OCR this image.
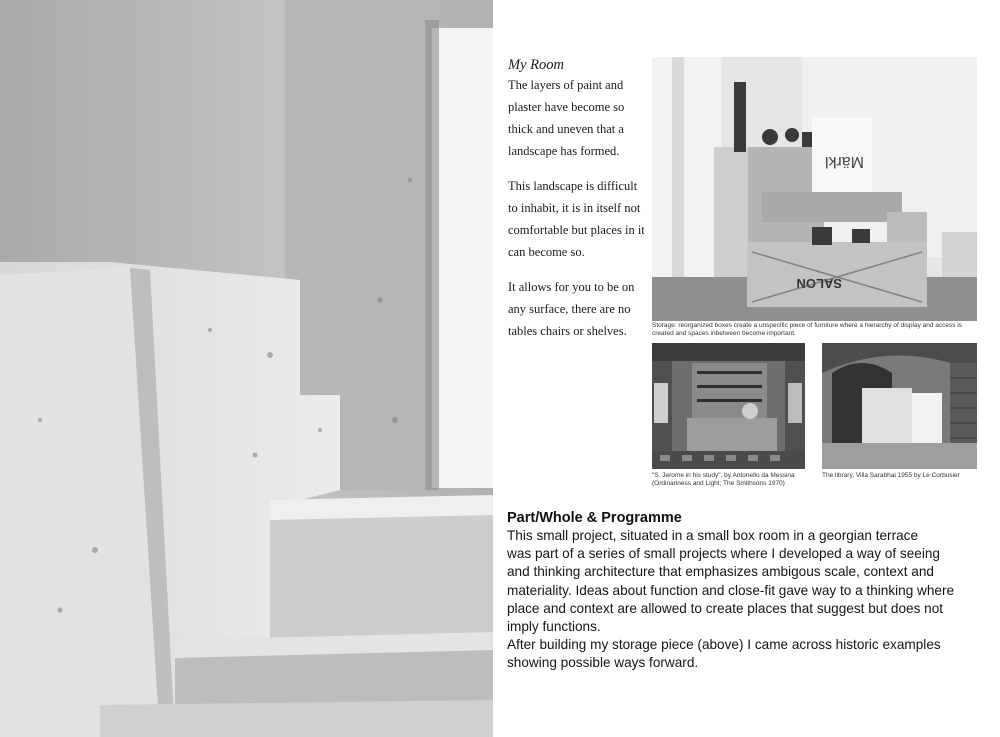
My Room

The layers of paint and plaster have become so thick and uneven that a landscape has formed.

This landscape is difficult to inhabit, it is in itself not comfortable but places in it can become so.

It allows for you to be on any surface, there are no tables chairs or shelves.

Märkl
SALON
Storage: reorganized boxes create a unspecific piece of furniture where a hierarchy of display and access is created and spaces inbetween become important.
"S. Jerome in his study", by Antonello da Messina (Ordinariness and Light; The Smithsons 1970)
The library, Villa Sarabhai 1955 by Le Corbusier
Part/Whole & Programme

This small project, situated in a small box room in a georgian terrace
was part of a series of small projects where I developed a way of seeing
and thinking architecture that emphasizes ambigous scale, context and
materiality. Ideas about function and close-fit gave way to a thinking where
place and context are allowed to create places that suggest but does not
imply functions.
After building my storage piece (above) I came across historic examples
showing possible ways forward.
